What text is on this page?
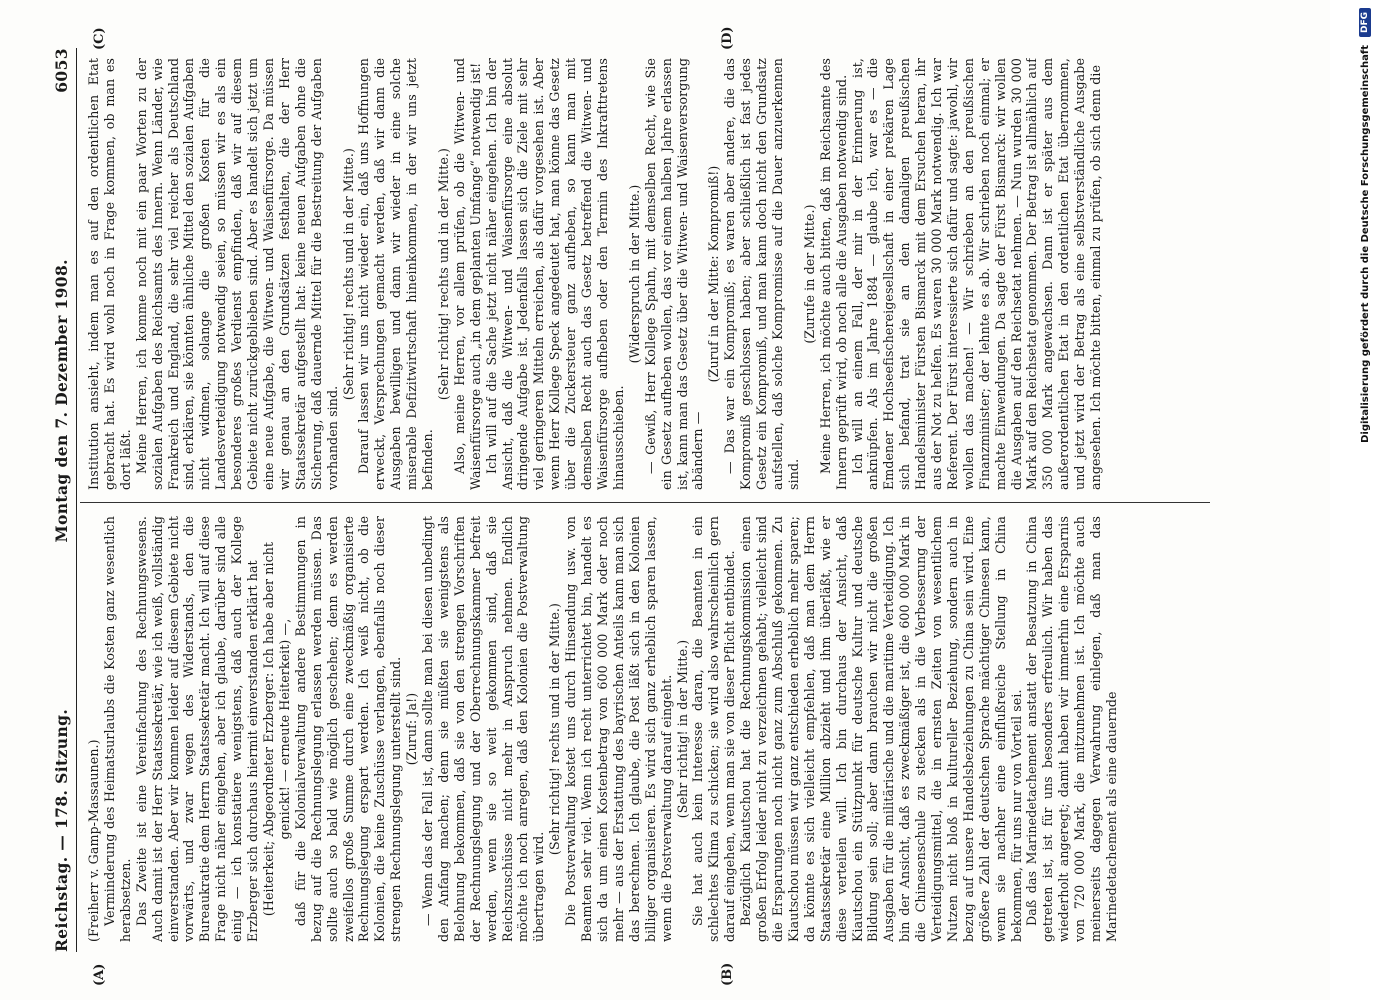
Reichstag. — 178. Sitzung.
Montag den 7. Dezember 1908.
6053
(A)	(B)
(C)	(D)

(Freiherr v. Gamp-Massaunen.) Verminderung des Heimatsurlaubs die Kosten ganz wesentlich herabsetzen. Das Zweite ist eine Vereinfachung des Rechnungswesens. Auch damit ist der Herr Staatssekretär, wie ich weiß, vollständig einverstanden. Aber wir kommen leider auf diesem Gebiete nicht vorwärts, und zwar wegen des Widerstands, den die Bureaukratie dem Herrn Staatssekretär macht. Ich will auf diese Frage nicht näher eingehen, aber ich glaube, darüber sind alle einig — ich konstatiere wenigstens, daß auch der Kollege Erzberger sich durchaus hiermit einverstanden erklärt hat (Heiterkeit; Abgeordneter Erzberger: Ich habe aber nicht genickt! — erneute Heiterkeit) —, daß für die Kolonialverwaltung andere Bestimmungen in bezug auf die Rechnungslegung erlassen werden müssen. Das sollte auch so bald wie möglich geschehen; denn es werden zweifellos große Summe durch eine zweckmäßig organisierte Rechnungslegung erspart werden. Ich weiß nicht, ob die Kolonien, die keine Zuschüsse verlangen, ebenfalls noch dieser strengen Rechnungslegung unterstellt sind. (Zuruf: Ja!) — Wenn das der Fall ist, dann sollte man bei diesen unbedingt den Anfang machen; denn sie müßten sie wenigstens als Belohnung bekommen, daß sie von den strengen Vorschriften der Rechnungslegung und der Oberrechnungskammer befreit werden, wenn sie so weit gekommen sind, daß sie Reichszuschüsse nicht mehr in Anspruch nehmen. Endlich möchte ich noch anregen, daß den Kolonien die Postverwaltung übertragen wird.

(Sehr richtig! rechts und in der Mitte.) Die Postverwaltung kostet uns durch Hinsendung usw. von Beamten sehr viel. Wenn ich recht unterrichtet bin, handelt es sich da um einen Kostenbetrag von 600 000 Mark oder noch mehr — aus der Erstattung des bayrischen Anteils kann man sich das berechnen. Ich glaube, die Post läßt sich in den Kolonien billiger organisieren. Es wird sich ganz erheblich sparen lassen, wenn die Postverwaltung darauf eingeht. (Sehr richtig! in der Mitte.) Sie hat auch kein Interesse daran, die Beamten in ein schlechtes Klima zu schicken; sie wird also wahrscheinlich gern darauf eingehen, wenn man sie von dieser Pflicht entbindet. Bezüglich Kiautschou hat die Rechnungskommission einen großen Erfolg leider nicht zu verzeichnen gehabt; vielleicht sind die Ersparungen noch nicht ganz zum Abschluß gekommen. Zu Kiautschou müssen wir ganz entschieden erheblich mehr sparen; da könnte es sich vielleicht empfehlen, daß man dem Herrn Staatssekretär eine Million abzieht und ihm überläßt, wie er diese verteilen will. Ich bin durchaus der Ansicht, daß Kiautschou ein Stützpunkt für deutsche Kultur und deutsche Bildung sein soll; aber dann brauchen wir nicht die großen Ausgaben für die militärische und die maritime Verteidigung. Ich bin der Ansicht, daß es zweckmäßiger ist, die 600 000 Mark in die Chinesenschule zu stecken als in die Verbesserung der Verteidigungsmittel, die in ernsten Zeiten von wesentlichem Nutzen nicht bloß in kultureller Beziehung, sondern auch in bezug auf unsere Handelsbeziehungen zu China sein wird. Eine größere Zahl der deutschen Sprache mächtiger Chinesen kann, wenn sie nachher eine einflußreiche Stellung in China bekommen, für uns nur von Vorteil sei. Daß das Marinedetachement anstatt der Besatzung in China getreten ist, ist für uns besonders erfreulich. Wir haben das wiederholt angeregt; damit haben wir immerhin eine Ersparnis von 720 000 Mark, die mitzunehmen ist. Ich möchte auch meinerseits dagegen Verwahrung einlegen, daß man das Marinedetachement als eine dauernde

Institution ansieht, indem man es auf den ordentlichen Etat gebracht hat. Es wird wohl noch in Frage kommen, ob man es dort läßt. Meine Herren, ich komme noch mit ein paar Worten zu der sozialen Aufgaben des Reichsamts des Innern. Wenn Länder, wie Frankreich und England, die sehr viel reicher als Deutschland sind, erklären, sie könnten ähnliche Mittel den sozialen Aufgaben nicht widmen, solange die großen Kosten für die Landesverteidigung notwendig seien, so müssen wir es als ein besonderes großes Verdienst empfinden, daß wir auf diesem Gebiete nicht zurückgeblieben sind. Aber es handelt sich jetzt um eine neue Aufgabe, die Witwen- und Waisenfürsorge. Da müssen wir genau an den Grundsätzen festhalten, die der Herr Staatssekretär aufgestellt hat: keine neuen Aufgaben ohne die Sicherung, daß dauernde Mittel für die Bestreitung der Aufgaben vorhanden sind.

(Sehr richtig! rechts und in der Mitte.) Darauf lassen wir uns nicht wieder ein, daß uns Hoffnungen erweckt, Versprechungen gemacht werden, daß wir dann die Ausgaben bewilligen und dann wir wieder in eine solche miserable Defizitwirtschaft hineinkommen, in der wir uns jetzt befinden.

(Sehr richtig! rechts und in der Mitte.) Also, meine Herren, vor allem prüfen, ob die Witwen- und Waisenfürsorge auch „in dem geplanten Umfange“ notwendig ist! Ich will auf die Sache jetzt nicht näher eingehen. Ich bin der Ansicht, daß die Witwen- und Waisenfürsorge eine absolut dringende Aufgabe ist. Jedenfalls lassen sich die Ziele mit sehr viel geringeren Mitteln erreichen, als dafür vorgesehen ist. Aber wenn Herr Kollege Speck angedeutet hat, man könne das Gesetz über die Zuckersteuer ganz aufheben, so kann man mit demselben Recht auch das Gesetz betreffend die Witwen- und Waisenfürsorge aufheben oder den Termin des Inkrafttretens hinausschieben.

(Widerspruch in der Mitte.) — Gewiß, Herr Kollege Spahn, mit demselben Recht, wie Sie ein Gesetz aufheben wollen, das vor einem halben Jahre erlassen ist, kann man das Gesetz über die Witwen- und Waisenversorgung abändern —

(Zuruf in der Mitte: Kompromiß!) — Das war ein Kompromiß; es waren aber andere, die das Kompromiß geschlossen haben; aber schließlich ist fast jedes Gesetz ein Kompromiß, und man kann doch nicht den Grundsatz aufstellen, daß solche Kompromisse auf die Dauer anzuerkennen sind.

(Zurufe in der Mitte.) Meine Herren, ich möchte auch bitten, daß im Reichsamte des Innern geprüft wird, ob noch alle die Ausgaben notwendig sind. Ich will an einem Fall, der mir in der Erinnerung ist, anknüpfen. Als im Jahre 1884 — glaube ich, war es — die Emdener Hochseefischereigesellschaft in einer prekären Lage sich befand, trat sie an den damaligen preußischen Handelsminister Fürsten Bismarck mit dem Ersuchen heran, ihr aus der Not zu helfen. Es waren 30 000 Mark notwendig. Ich war Referent. Der Fürst interessierte sich dafür und sagte: jawohl, wir wollen das machen! — Wir schrieben an den preußischen Finanzminister; der lehnte es ab. Wir schrieben noch einmal; er machte Einwendungen. Da sagte der Fürst Bismarck: wir wollen die Ausgaben auf den Reichsetat nehmen. — Nun wurden 30 000 Mark auf den Reichsetat genommen. Der Betrag ist allmählich auf 350 000 Mark angewachsen. Dann ist er später aus dem außerordentlichen Etat in den ordentlichen Etat übernommen, und jetzt wird der Betrag als eine selbstverständliche Ausgabe angesehen. Ich möchte bitten, einmal zu prüfen, ob sich denn die	Digitalisierung gefördert durch die Deutsche Forschungsgemeinschaft
DFG
